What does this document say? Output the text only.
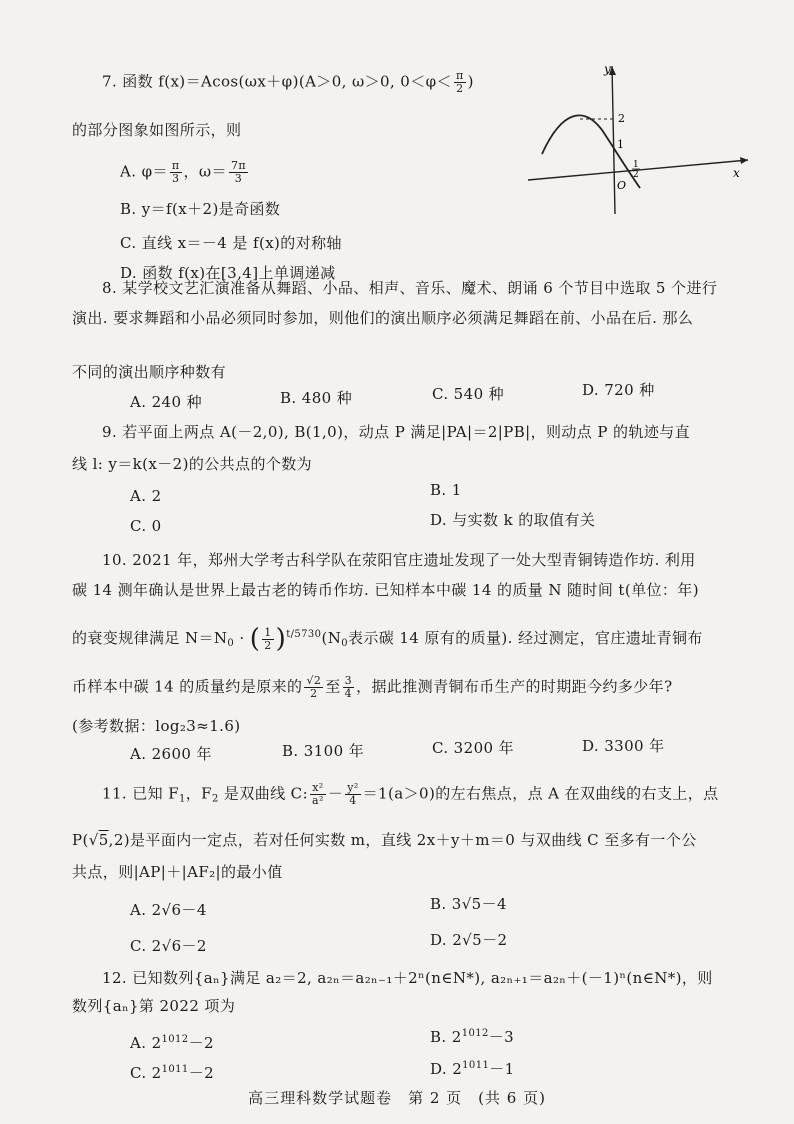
7. 函数 f(x)＝Acos(ωx＋φ)(A＞0, ω＞0, $0<\varphi< \frac{\pi}{2}$ )
的部分图象如图所示，则
A. $\varphi= \frac{\pi}{3}$ ，$\omega= \frac{7\pi}{3}$
B. y＝f(x＋2)是奇函数
C. 直线 x＝－4 是 f(x)的对称轴
D. 函数 f(x)在[3,4]上单调递减
y
x
O
2
1
1
2
8. 某学校文艺汇演准备从舞蹈、小品、相声、音乐、魔术、朗诵 6 个节目中选取 5 个进行
演出. 要求舞蹈和小品必须同时参加，则他们的演出顺序必须满足舞蹈在前、小品在后. 那么
不同的演出顺序种数有
A. 240 种	B. 480 种	C. 540 种	D. 720 种
9. 若平面上两点 A(－2,0), B(1,0)，动点 P 满足|PA|＝2|PB|，则动点 P 的轨迹与直
线 l: y＝k(x－2)的公共点的个数为
A. 2	B. 1
C. 0	D. 与实数 k 的取值有关
10. 2021 年，郑州大学考古科学队在荥阳官庄遗址发现了一处大型青铜铸造作坊. 利用
碳 14 测年确认是世界上最古老的铸币作坊. 已知样本中碳 14 的质量 N 随时间 t(单位：年)
的衰变规律满足 $N=N_0$ · ( $\frac{1}{2} )^{t/5730}(N_0$表示碳 14 原有的质量). 经过测定，官庄遗址青铜布
币样本中碳 14 的质量约是原来的 $\frac{√2}{2}$ 至 $\frac{3}{4}$ ，据此推测青铜布币生产的时期距今约多少年?
(参考数据：log₂3≈1.6)
A. 2600 年	B. 3100 年	C. 3200 年	D. 3300 年
11. 已知 $F_1$，$F_2$ 是双曲线 C: $\frac{\text{x²}}{\text{a²}} - \frac{\text{y²}}{4} =1(a>0)$的左右焦点，点 A 在双曲线的右支上，点
P(√5,2)是平面内一定点，若对任何实数 m，直线 2x＋y＋m＝0 与双曲线 C 至多有一个公
共点，则|AP|＋|AF₂|的最小值
A. 2√6－4	B. 3√5－4
C. 2√6－2	D. 2√5－2
12. 已知数列{aₙ}满足 a₂＝2, a₂ₙ＝a₂ₙ₋₁＋2ⁿ(n∈N*), a₂ₙ₊₁＝a₂ₙ＋(－1)ⁿ(n∈N*)，则
数列{aₙ}第 2022 项为
A. $2^{1012}-2$	B. $2^{1012}-3$
C. $2^{1011}-2$	D. $2^{1011}-1$
高三理科数学试题卷　第 2 页　(共 6 页)
